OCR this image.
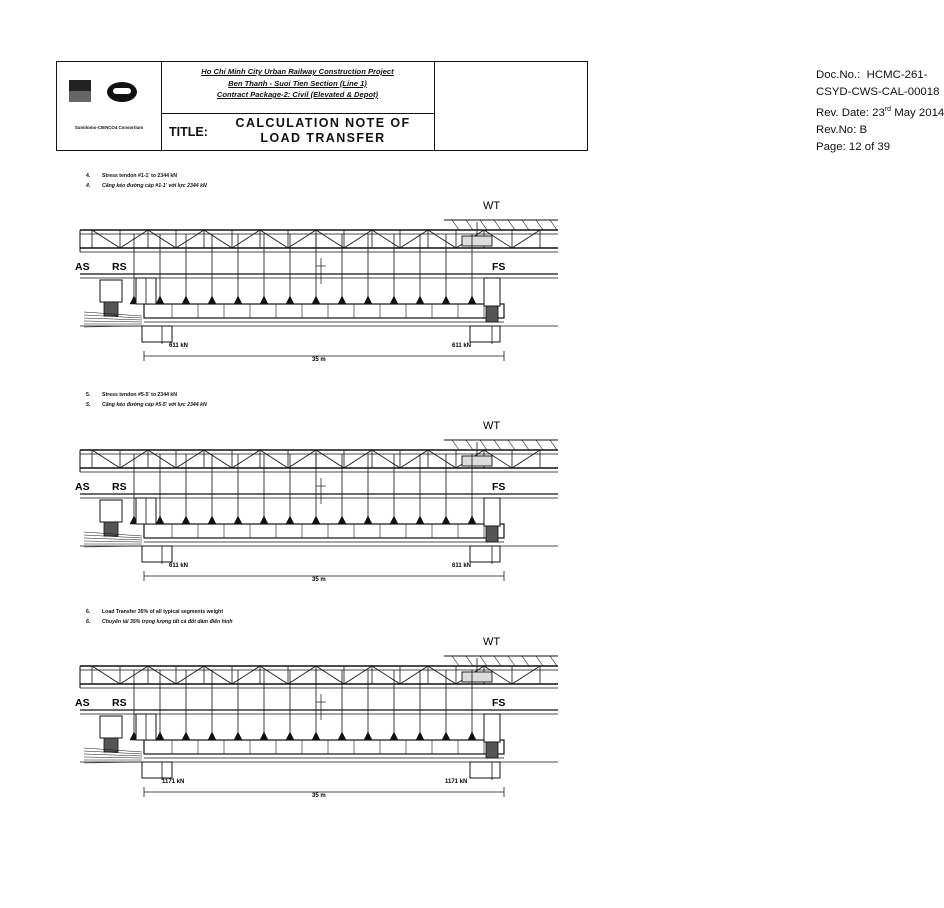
Sumitomo-CIENCO4 Consortium
Ho Chi Minh City Urban Railway Construction Project
Ben Thanh - Suoi Tien Section (Line 1)
Contract Package-2: Civil (Elevated & Depot)
TITLE:
CALCULATION NOTE OF
LOAD TRANSFER
Doc.No.: HCMC-261-
CSYD-CWS-CAL-00018
Rev. Date: 23rd May 2014
Rev.No: B
Page: 12 of 39
4. Stress tendon #1-1' to 2344 kN
4. Căng kéo đường cáp #1-1' với lực 2344 kN
WT
AS RS	FS
611 kN	611 kN
35 m
5. Stress tendon #5-5' to 2344 kN
5. Căng kéo đường cáp #5-5' với lực 2344 kN
WT
AS RS	FS
611 kN	611 kN
35 m
6. Load Transfer 35% of all typical segments weight
6. Chuyển tải 35% trọng lượng tất cả đốt dầm điển hình
WT
AS RS	FS
1171 kN	1171 kN
35 m
